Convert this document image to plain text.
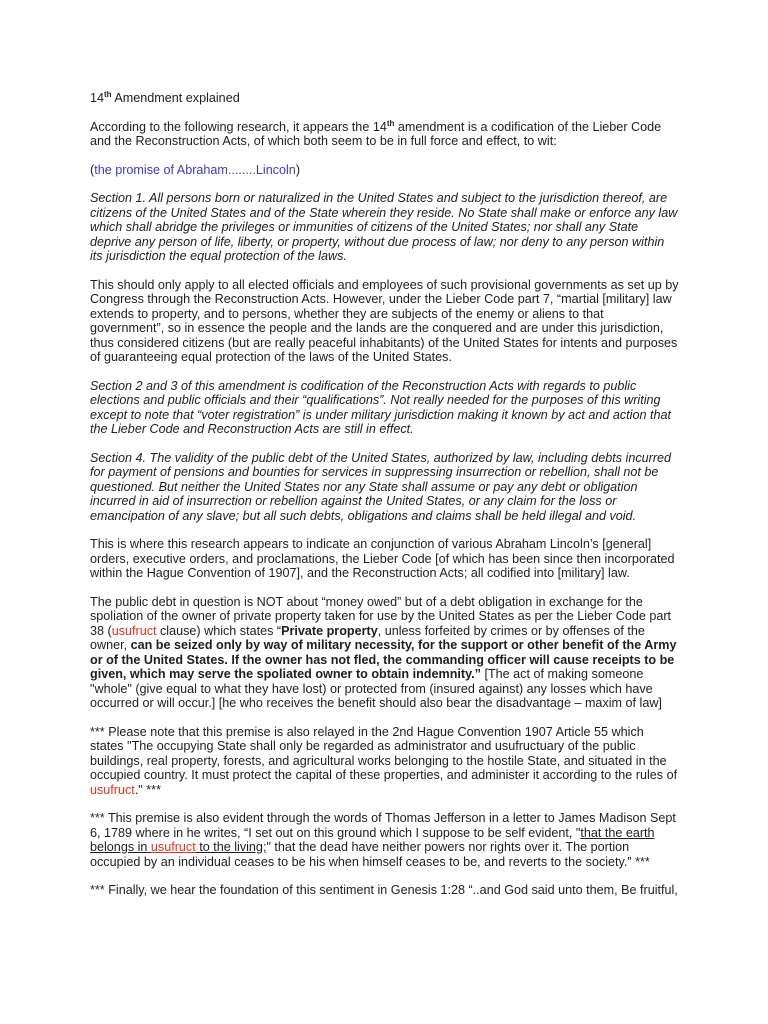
14th Amendment explained
According to the following research, it appears the 14th amendment is a codification of the Lieber Code
and the Reconstruction Acts, of which both seem to be in full force and effect, to wit:
(the promise of Abraham........Lincoln)
Section 1. All persons born or naturalized in the United States and subject to the jurisdiction thereof, are
citizens of the United States and of the State wherein they reside. No State shall make or enforce any law
which shall abridge the privileges or immunities of citizens of the United States; nor shall any State
deprive any person of life, liberty, or property, without due process of law; nor deny to any person within
its jurisdiction the equal protection of the laws.
This should only apply to all elected officials and employees of such provisional governments as set up by
Congress through the Reconstruction Acts. However, under the Lieber Code part 7, “martial [military] law
extends to property, and to persons, whether they are subjects of the enemy or aliens to that
government”, so in essence the people and the lands are the conquered and are under this jurisdiction,
thus considered citizens (but are really peaceful inhabitants) of the United States for intents and purposes
of guaranteeing equal protection of the laws of the United States.
Section 2 and 3 of this amendment is codification of the Reconstruction Acts with regards to public
elections and public officials and their “qualifications”. Not really needed for the purposes of this writing
except to note that “voter registration” is under military jurisdiction making it known by act and action that
the Lieber Code and Reconstruction Acts are still in effect.
Section 4. The validity of the public debt of the United States, authorized by law, including debts incurred
for payment of pensions and bounties for services in suppressing insurrection or rebellion, shall not be
questioned. But neither the United States nor any State shall assume or pay any debt or obligation
incurred in aid of insurrection or rebellion against the United States, or any claim for the loss or
emancipation of any slave; but all such debts, obligations and claims shall be held illegal and void.
This is where this research appears to indicate an conjunction of various Abraham Lincoln’s [general]
orders, executive orders, and proclamations, the Lieber Code [of which has been since then incorporated
within the Hague Convention of 1907], and the Reconstruction Acts; all codified into [military] law.
The public debt in question is NOT about “money owed” but of a debt obligation in exchange for the
spoliation of the owner of private property taken for use by the United States as per the Lieber Code part
38 (usufruct clause) which states “Private property, unless forfeited by crimes or by offenses of the
owner, can be seized only by way of military necessity, for the support or other benefit of the Army
or of the United States. If the owner has not fled, the commanding officer will cause receipts to be
given, which may serve the spoliated owner to obtain indemnity.” [The act of making someone
"whole" (give equal to what they have lost) or protected from (insured against) any losses which have
occurred or will occur.] [he who receives the benefit should also bear the disadvantage – maxim of law]
*** Please note that this premise is also relayed in the 2nd Hague Convention 1907 Article 55 which
states "The occupying State shall only be regarded as administrator and usufructuary of the public
buildings, real property, forests, and agricultural works belonging to the hostile State, and situated in the
occupied country. It must protect the capital of these properties, and administer it according to the rules of
usufruct." ***
*** This premise is also evident through the words of Thomas Jefferson in a letter to James Madison Sept
6, 1789 where in he writes, “I set out on this ground which I suppose to be self evident, "that the earth
belongs in usufruct to the living;" that the dead have neither powers nor rights over it. The portion
occupied by an individual ceases to be his when himself ceases to be, and reverts to the society.” ***
*** Finally, we hear the foundation of this sentiment in Genesis 1:28 “..and God said unto them, Be fruitful,
